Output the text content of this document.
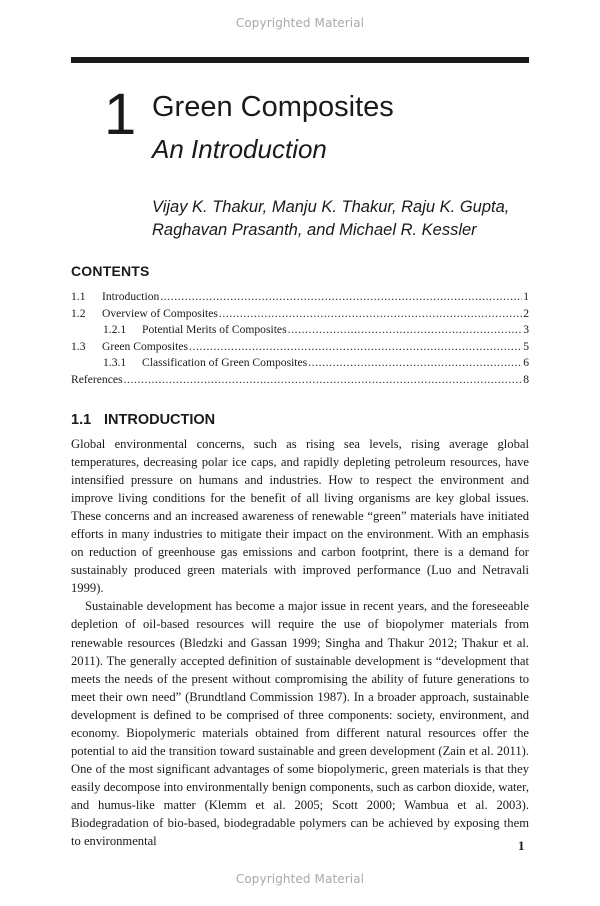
Copyrighted Material
1 Green Composites
An Introduction
Vijay K. Thakur, Manju K. Thakur, Raju K. Gupta,
Raghavan Prasanth, and Michael R. Kessler
CONTENTS
1.1	Introduction .....	1
1.2	Overview of Composites .....	2
1.2.1	Potential Merits of Composites .....	3
1.3	Green Composites .....	5
1.3.1	Classification of Green Composites .....	6
References .....	8
1.1 INTRODUCTION

Global environmental concerns, such as rising sea levels, rising average global temperatures, decreasing polar ice caps, and rapidly depleting petroleum resources, have intensified pressure on humans and industries. How to respect the environment and improve living conditions for the benefit of all living organisms are key global issues. These concerns and an increased awareness of renewable “green” materials have initiated efforts in many industries to mitigate their impact on the environment. With an emphasis on reduction of greenhouse gas emissions and carbon footprint, there is a demand for sustainably produced green materials with improved performance (Luo and Netravali 1999).

Sustainable development has become a major issue in recent years, and the foreseeable depletion of oil-based resources will require the use of biopolymer materials from renewable resources (Bledzki and Gassan 1999; Singha and Thakur 2012; Thakur et al. 2011). The generally accepted definition of sustainable development is “development that meets the needs of the present without compromising the ability of future generations to meet their own need” (Brundtland Commission 1987). In a broader approach, sustainable development is defined to be comprised of three components: society, environment, and economy. Biopolymeric materials obtained from different natural resources offer the potential to aid the transition toward sustainable and green development (Zain et al. 2011). One of the most significant advantages of some biopolymeric, green materials is that they easily decompose into environmentally benign components, such as carbon dioxide, water, and humus-like matter (Klemm et al. 2005; Scott 2000; Wambua et al. 2003). Biodegradation of bio-based, biodegradable polymers can be achieved by exposing them to environmental	1
Copyrighted Material
